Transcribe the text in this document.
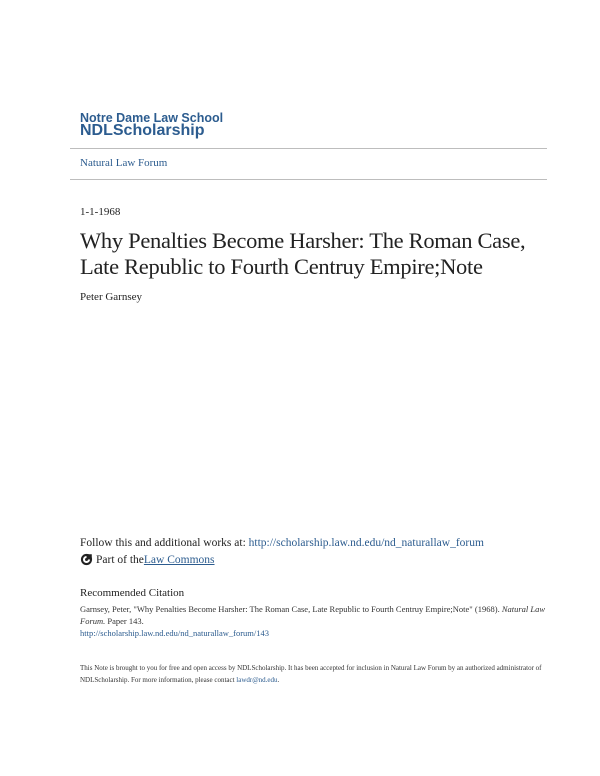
Notre Dame Law School
NDLScholarship
Natural Law Forum
1-1-1968
Why Penalties Become Harsher: The Roman Case, Late Republic to Fourth Centruy Empire;Note
Peter Garnsey
Follow this and additional works at: http://scholarship.law.nd.edu/nd_naturallaw_forum
Part of the Law Commons
Recommended Citation
Garnsey, Peter, "Why Penalties Become Harsher: The Roman Case, Late Republic to Fourth Centruy Empire;Note" (1968). Natural Law Forum. Paper 143.
http://scholarship.law.nd.edu/nd_naturallaw_forum/143
This Note is brought to you for free and open access by NDLScholarship. It has been accepted for inclusion in Natural Law Forum by an authorized administrator of NDLScholarship. For more information, please contact lawdr@nd.edu.
